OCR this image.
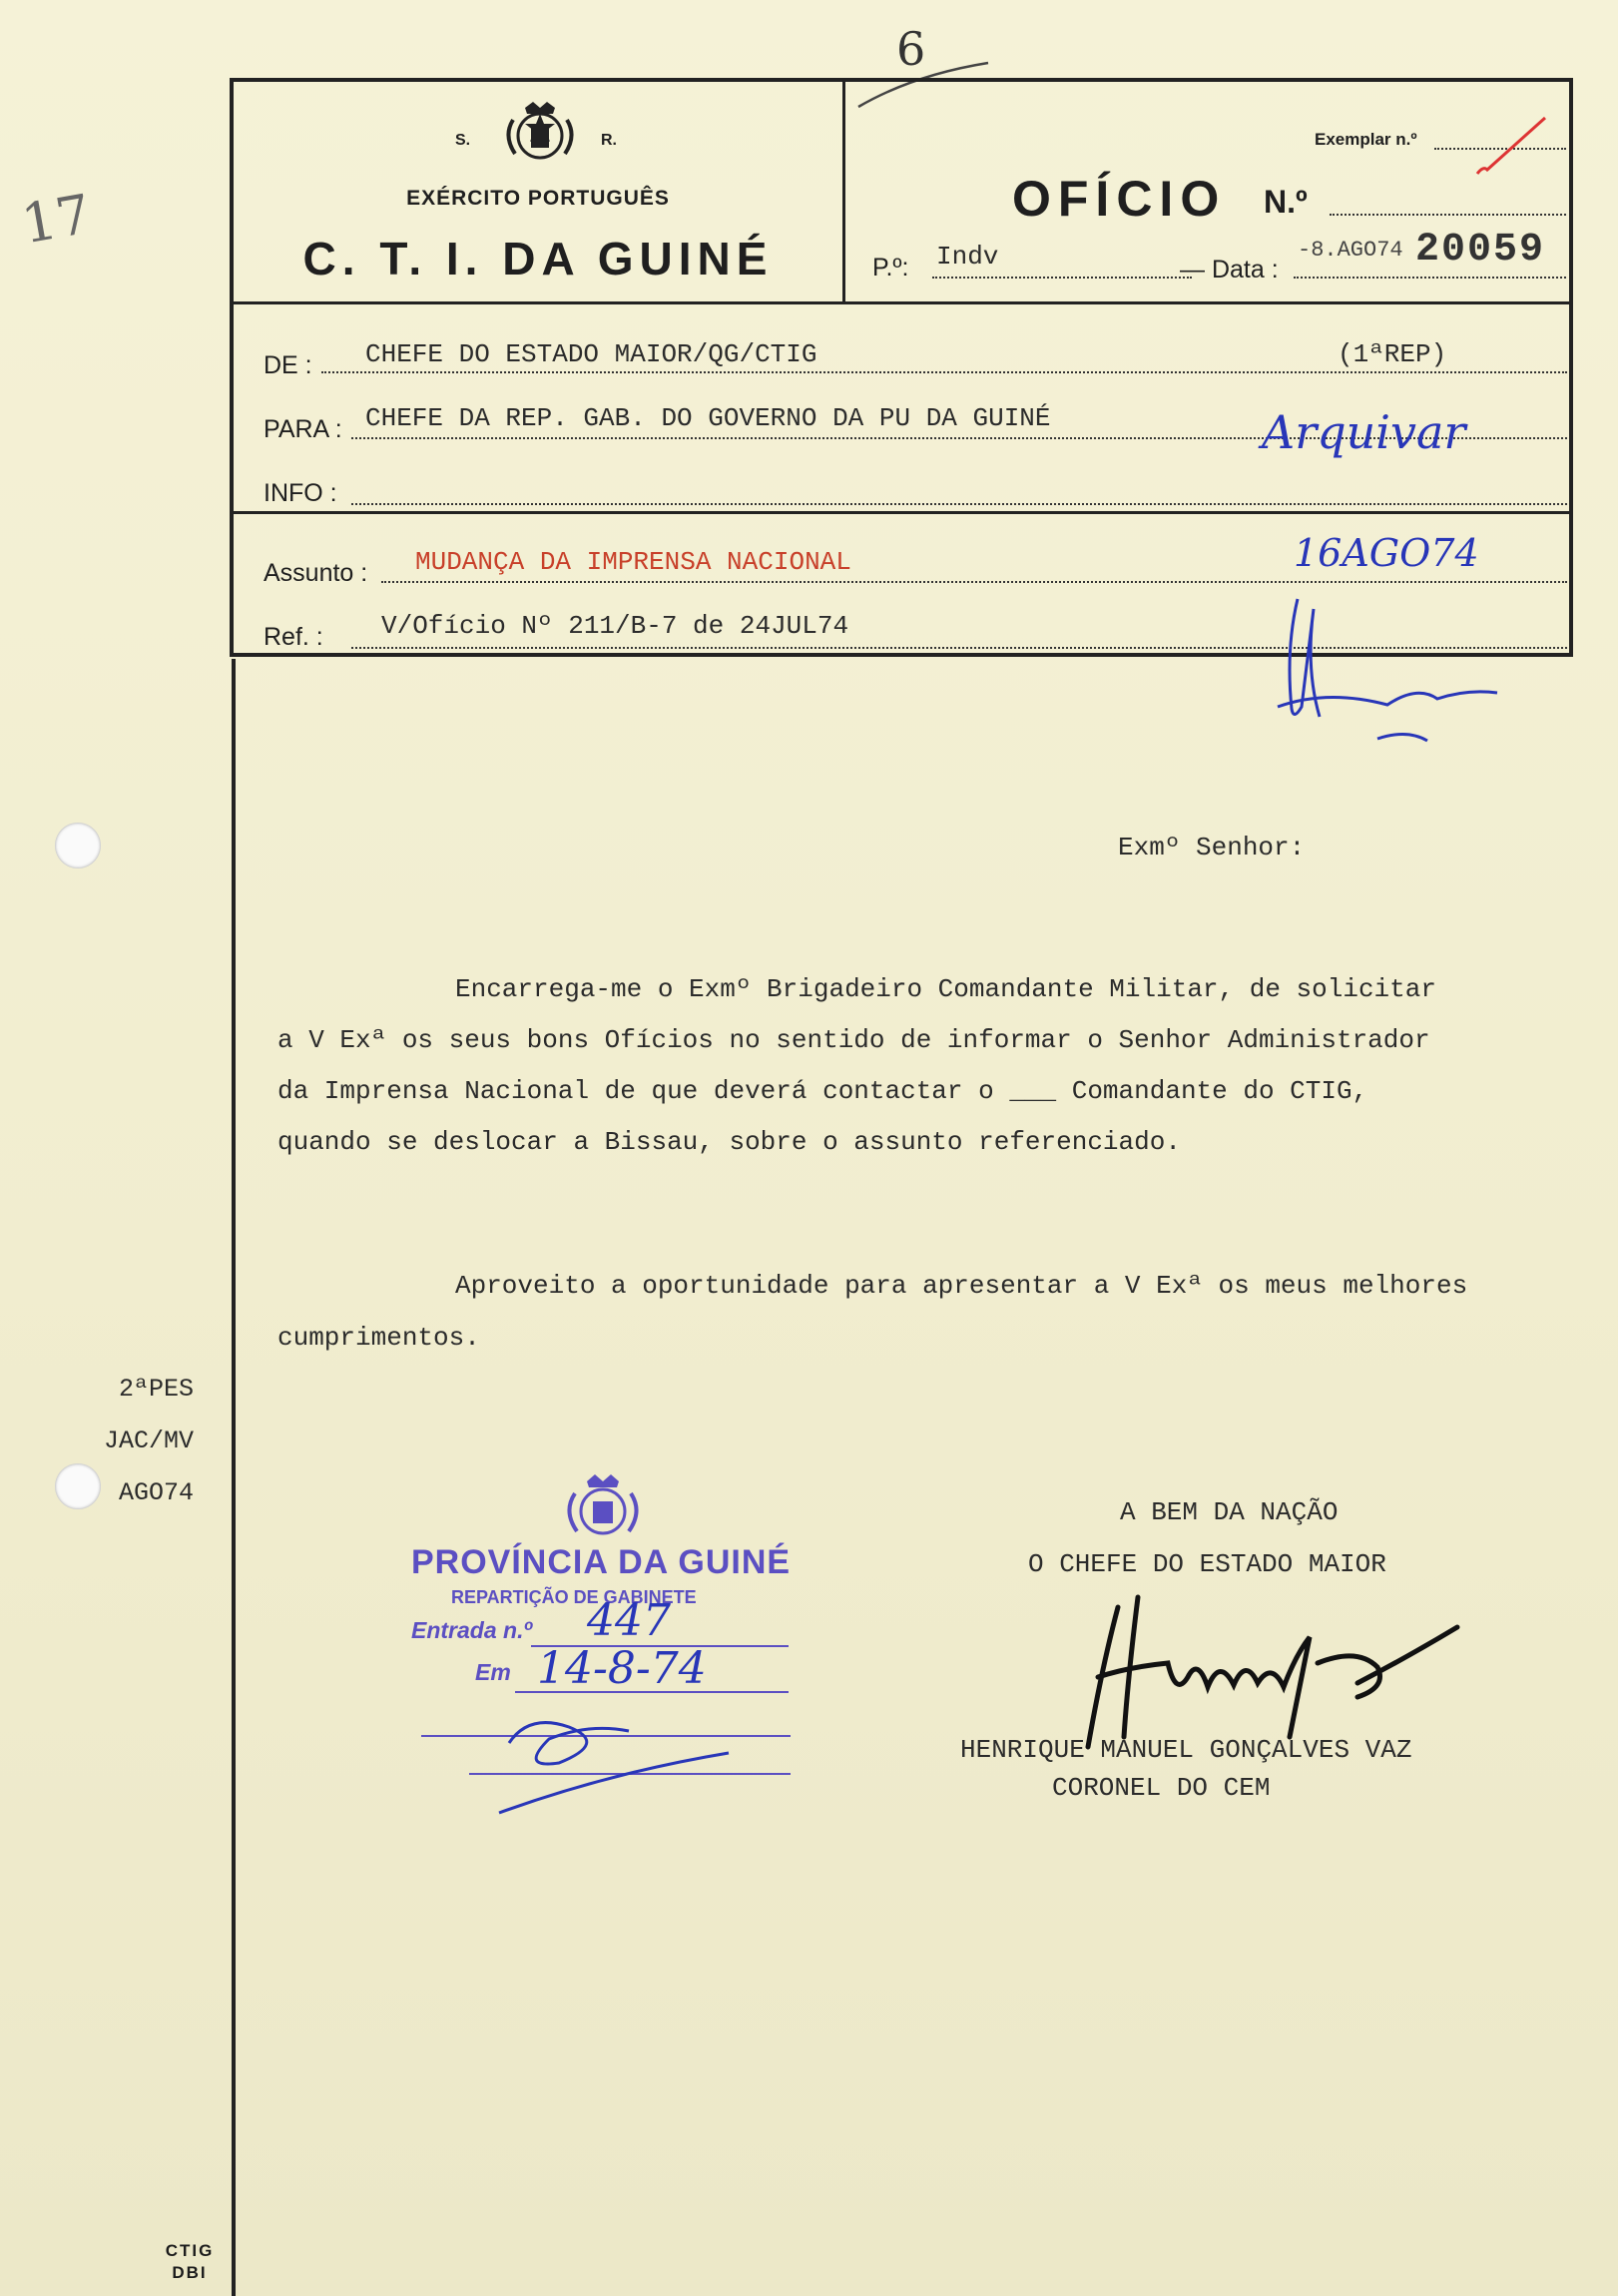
6
17
S.	R.
EXÉRCITO PORTUGUÊS
C. T. I. DA GUINÉ
Exemplar n.º
OFÍCIO N.º
P.º: Indv	— Data :
-8.AGO74 20059
DE : CHEFE DO ESTADO MAIOR/QG/CTIG	(1ªREP)
PARA : CHEFE DA REP. GAB. DO GOVERNO DA PU DA GUINÉ	Arquivar
INFO :
Assunto : MUDANÇA DA IMPRENSA NACIONAL	16AGO74
Ref. : V/Ofício Nº 211/B-7 de 24JUL74
Exmº Senhor:
Encarrega-me o Exmº Brigadeiro Comandante Militar, de solicitar
a V Exª os seus bons Ofícios no sentido de informar o Senhor Administrador
da Imprensa Nacional de que deverá contactar o ___ Comandante do CTIG,
quando se deslocar a Bissau, sobre o assunto referenciado.
Aproveito a oportunidade para apresentar a V Exª os meus melhores
cumprimentos.
2ªPES
JAC/MV
AGO74
PROVÍNCIA DA GUINÉ
REPARTIÇÃO DE GABINETE
Entrada n.º 447
Em 14-8-74
A BEM DA NAÇÃO
O CHEFE DO ESTADO MAIOR
HENRIQUE MANUEL GONÇALVES VAZ
CORONEL DO CEM
CTIG
DBI
